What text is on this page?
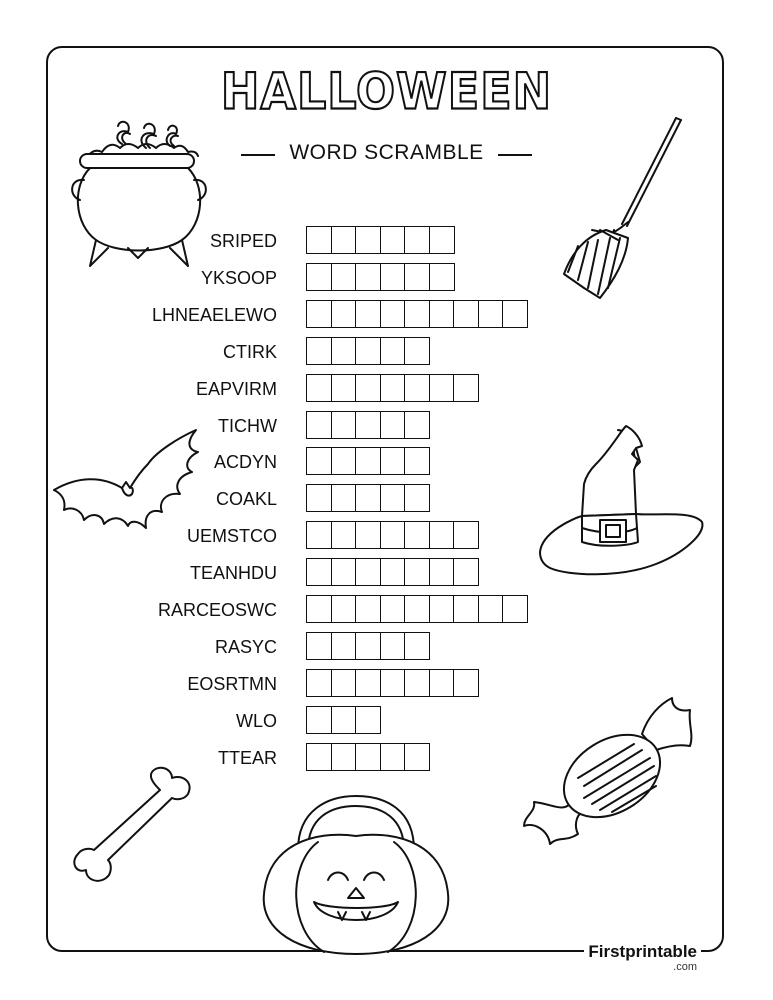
HALLOWEEN
WORD SCRAMBLE
SRIPED
YKSOOP
LHNEAELEWO
CTIRK
EAPVIRM
TICHW
ACDYN
COAKL
UEMSTCO
TEANHDU
RARCEOSWC
RASYC
EOSRTMN
WLO
TTEAR
Firstprintable
.com
